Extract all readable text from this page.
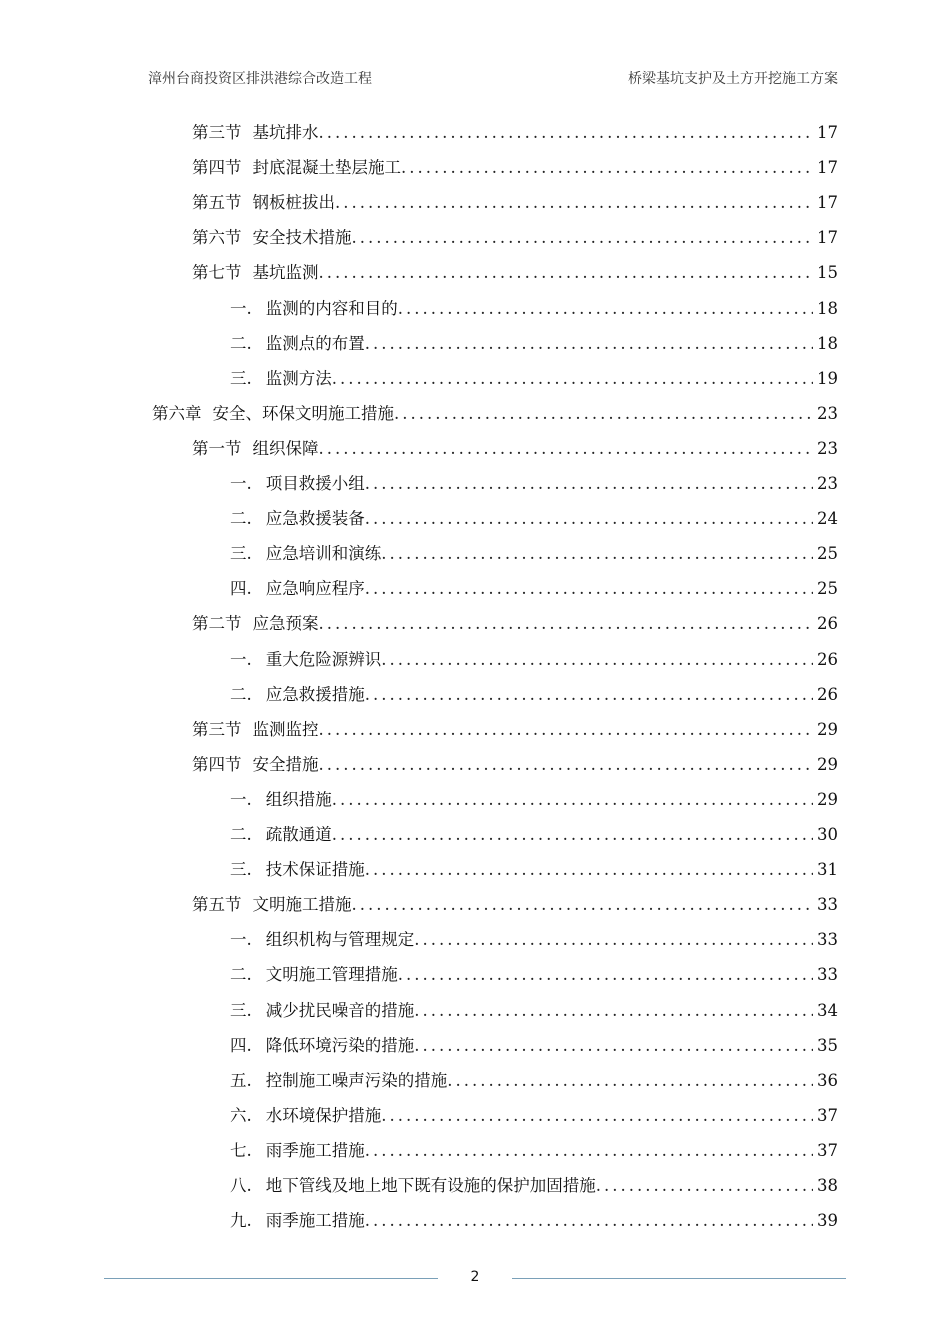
漳州台商投资区排洪港综合改造工程	桥梁基坑支护及土方开挖施工方案
第三节 基坑排水 .....	17
第四节 封底混凝土垫层施工 .....	17
第五节 钢板桩拔出 .....	17
第六节 安全技术措施 .....	17
第七节 基坑监测 .....	15
一. 监测的内容和目的 .....	18
二. 监测点的布置 .....	18
三. 监测方法 .....	19
第六章 安全、环保文明施工措施 .....	23
第一节 组织保障 .....	23
一. 项目救援小组 .....	23
二. 应急救援装备 .....	24
三. 应急培训和演练 .....	25
四. 应急响应程序 .....	25
第二节 应急预案 .....	26
一. 重大危险源辨识 .....	26
二. 应急救援措施 .....	26
第三节 监测监控 .....	29
第四节 安全措施 .....	29
一. 组织措施 .....	29
二. 疏散通道 .....	30
三. 技术保证措施 .....	31
第五节 文明施工措施 .....	33
一. 组织机构与管理规定 .....	33
二. 文明施工管理措施 .....	33
三. 减少扰民噪音的措施 .....	34
四. 降低环境污染的措施 .....	35
五. 控制施工噪声污染的措施 .....	36
六. 水环境保护措施 .....	37
七. 雨季施工措施 .....	37
八. 地下管线及地上地下既有设施的保护加固措施 .....	38
九. 雨季施工措施 .....	39
2
